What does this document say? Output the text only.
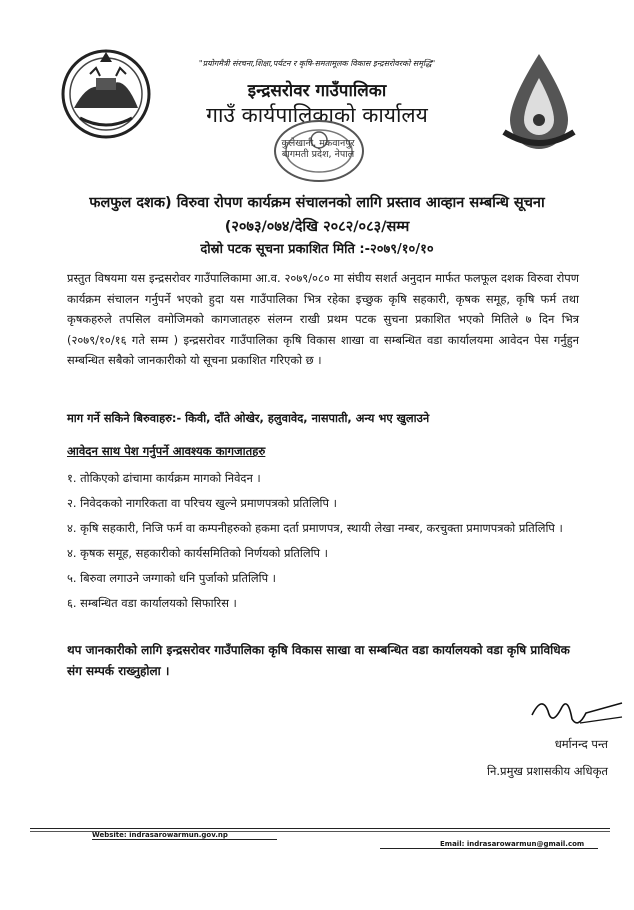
"प्रयोगमैत्री संरचना,शिक्षा,पर्यटन र कृषि-समतामूलक विकास इन्द्रसरोवरको समृद्धि"
इन्द्रसरोवर गाउँपालिका
गाउँ कार्यपालिकाको कार्यालय
कुलेखानी, मकवानपुर
बागमती प्रदेश, नेपाल
फलफुल दशक) विरुवा रोपण कार्यक्रम संचालनको लागि प्रस्ताव आव्हान सम्बन्धि सूचना
(२०७३/०७४/देखि २०८२/०८३/सम्म
दोस्रो पटक सूचना प्रकाशित मिति :-२०७९/१०/१०
प्रस्तुत विषयमा यस इन्द्रसरोवर गाउँपालिकामा आ.व. २०७९/०८० मा संघीय सशर्त अनुदान मार्फत फलफूल दशक विरुवा रोपण कार्यक्रम संचालन गर्नुपर्ने भएको हुदा यस गाउँपालिका भित्र रहेका इच्छुक कृषि सहकारी, कृषक समूह, कृषि फर्म तथा कृषकहरुले तपसिल वमोजिमको कागजातहरु संलग्न राखी प्रथम पटक सुचना प्रकाशित भएको मितिले ७ दिन भित्र (२०७९/१०/१६ गते सम्म ) इन्द्रसरोवर गाउँपालिका कृषि विकास शाखा वा सम्बन्धित वडा कार्यालयमा आवेदन पेस गर्नुहुन सम्बन्धित सबैको जानकारीको यो सूचना प्रकाशित गरिएको छ ।
माग गर्ने सकिने बिरुवाहरु:- किवी, दाँते ओखेर, हलुवावेद, नासपाती, अन्य भए खुलाउने
आवेदन साथ पेश गर्नुपर्ने आवश्यक कागजातहरु
१. तोकिएको ढांचामा कार्यक्रम मागको निवेदन ।
२. निवेदकको नागरिकता वा परिचय खुल्ने प्रमाणपत्रको प्रतिलिपि ।
४. कृषि सहकारी, निजि फर्म वा कम्पनीहरुको हकमा दर्ता प्रमाणपत्र, स्थायी लेखा नम्बर, करचुक्ता प्रमाणपत्रको प्रतिलिपि ।
४. कृषक समूह, सहकारीको कार्यसमितिको निर्णयको प्रतिलिपि ।
५. बिरुवा लगाउने जग्गाको धनि पुर्जाको प्रतिलिपि ।
६. सम्बन्धित वडा कार्यालयको सिफारिस ।
थप जानकारीको लागि इन्द्रसरोवर गाउँपालिका कृषि विकास साखा वा सम्बन्धित वडा कार्यालयको वडा कृषि प्राविधिक संग सम्पर्क राख्नुहोला ।
धर्मानन्द पन्त
नि.प्रमुख प्रशासकीय अधिकृत
Website: indrasarowarmun.gov.np
Email: indrasarowarmun@gmail.com
